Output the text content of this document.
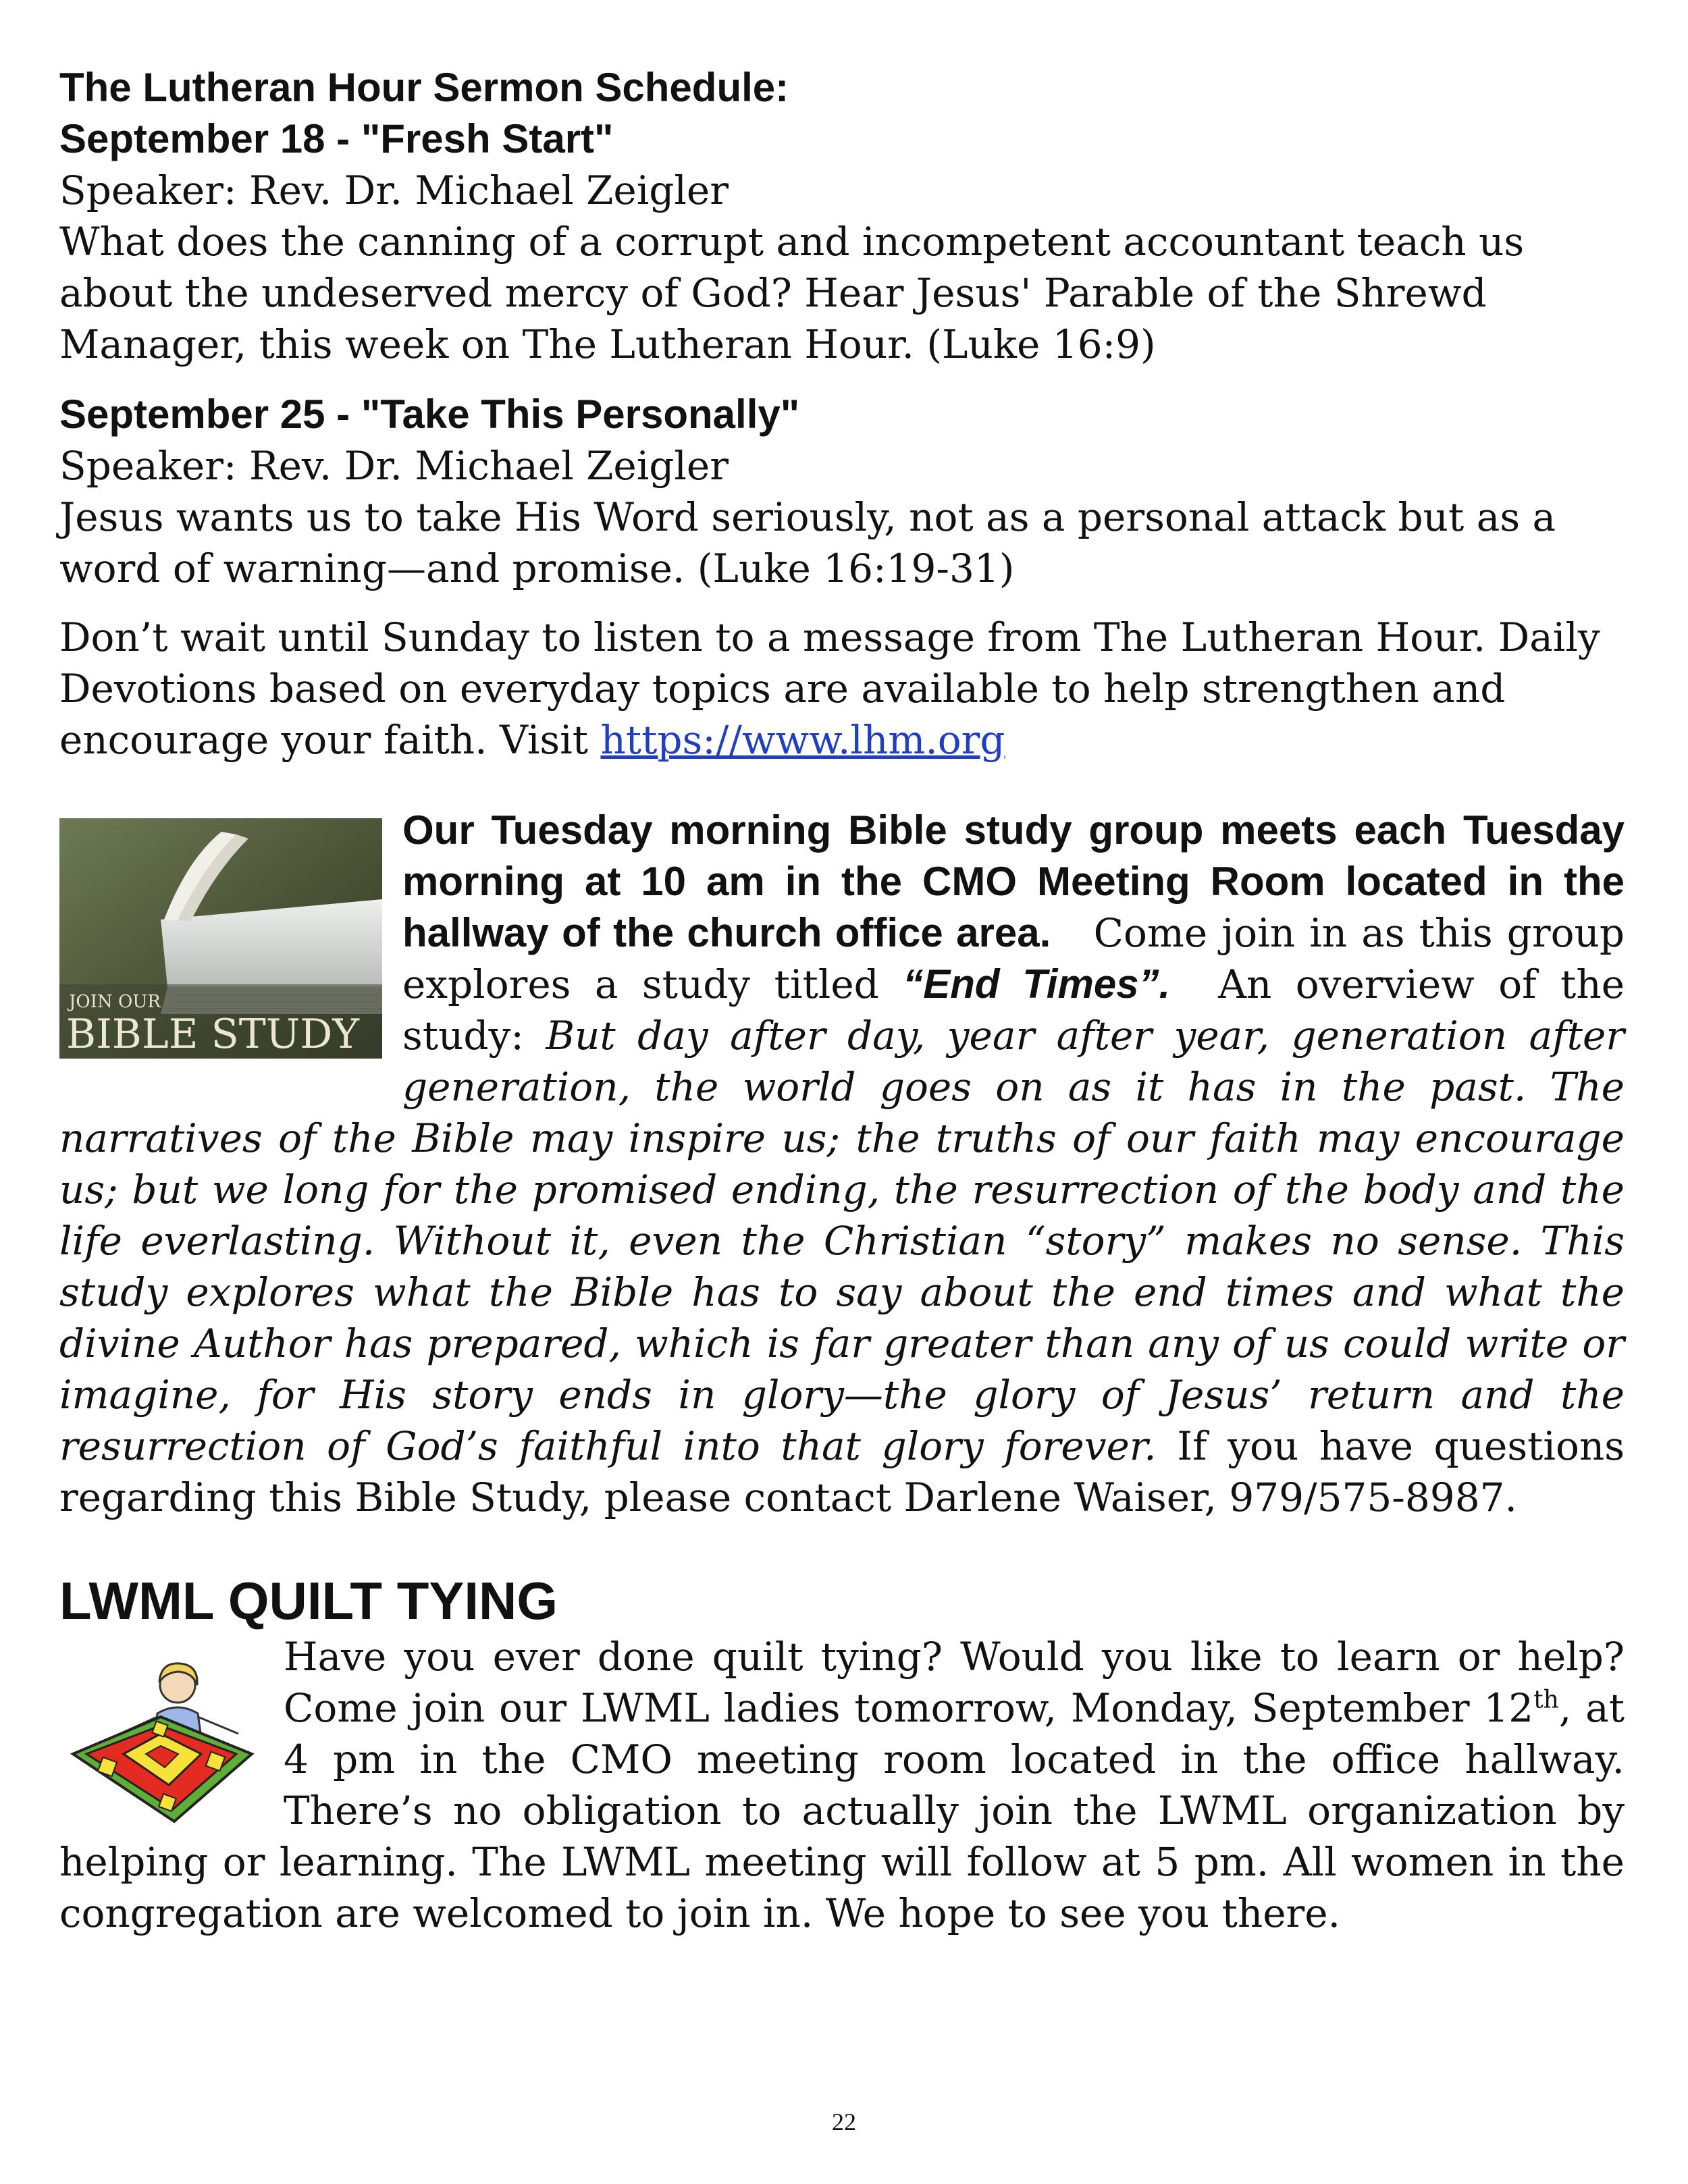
The Lutheran Hour Sermon Schedule:
September 18 - "Fresh Start"

Speaker: Rev. Dr. Michael Zeigler

What does the canning of a corrupt and incompetent accountant teach us about the undeserved mercy of God? Hear Jesus' Parable of the Shrewd Manager, this week on The Lutheran Hour. (Luke 16:9)

September 25 - "Take This Personally"

Speaker: Rev. Dr. Michael Zeigler

Jesus wants us to take His Word seriously, not as a personal attack but as a word of warning—and promise. (Luke 16:19-31)

Don’t wait until Sunday to listen to a message from The Lutheran Hour. Daily Devotions based on everyday topics are available to help strengthen and encourage your faith. Visit https://www.lhm.org

JOIN OUR
BIBLE STUDY
Our Tuesday morning Bible study group meets each Tuesday morning at 10 am in the CMO Meeting Room located in the hallway of the church office area. Come join in as this group explores a study titled “End Times”. An overview of the study: But day after day, year after year, generation after generation, the world goes on as it has in the past. The narratives of the Bible may inspire us; the truths of our faith may encourage us; but we long for the promised ending, the resurrection of the body and the life everlasting. Without it, even the Christian “story” makes no sense. This study explores what the Bible has to say about the end times and what the divine Author has prepared, which is far greater than any of us could write or imagine, for His story ends in glory—the glory of Jesus’ return and the resurrection of God’s faithful into that glory forever. If you have questions regarding this Bible Study, please contact Darlene Waiser, 979/575-8987.
LWML QUILT TYING
Have you ever done quilt tying? Would you like to learn or help? Come join our LWML ladies tomorrow, Monday, September 12th, at 4 pm in the CMO meeting room located in the office hallway. There’s no obligation to actually join the LWML organization by helping or learning. The LWML meeting will follow at 5 pm. All women in the congregation are welcomed to join in. We hope to see you there.
22
